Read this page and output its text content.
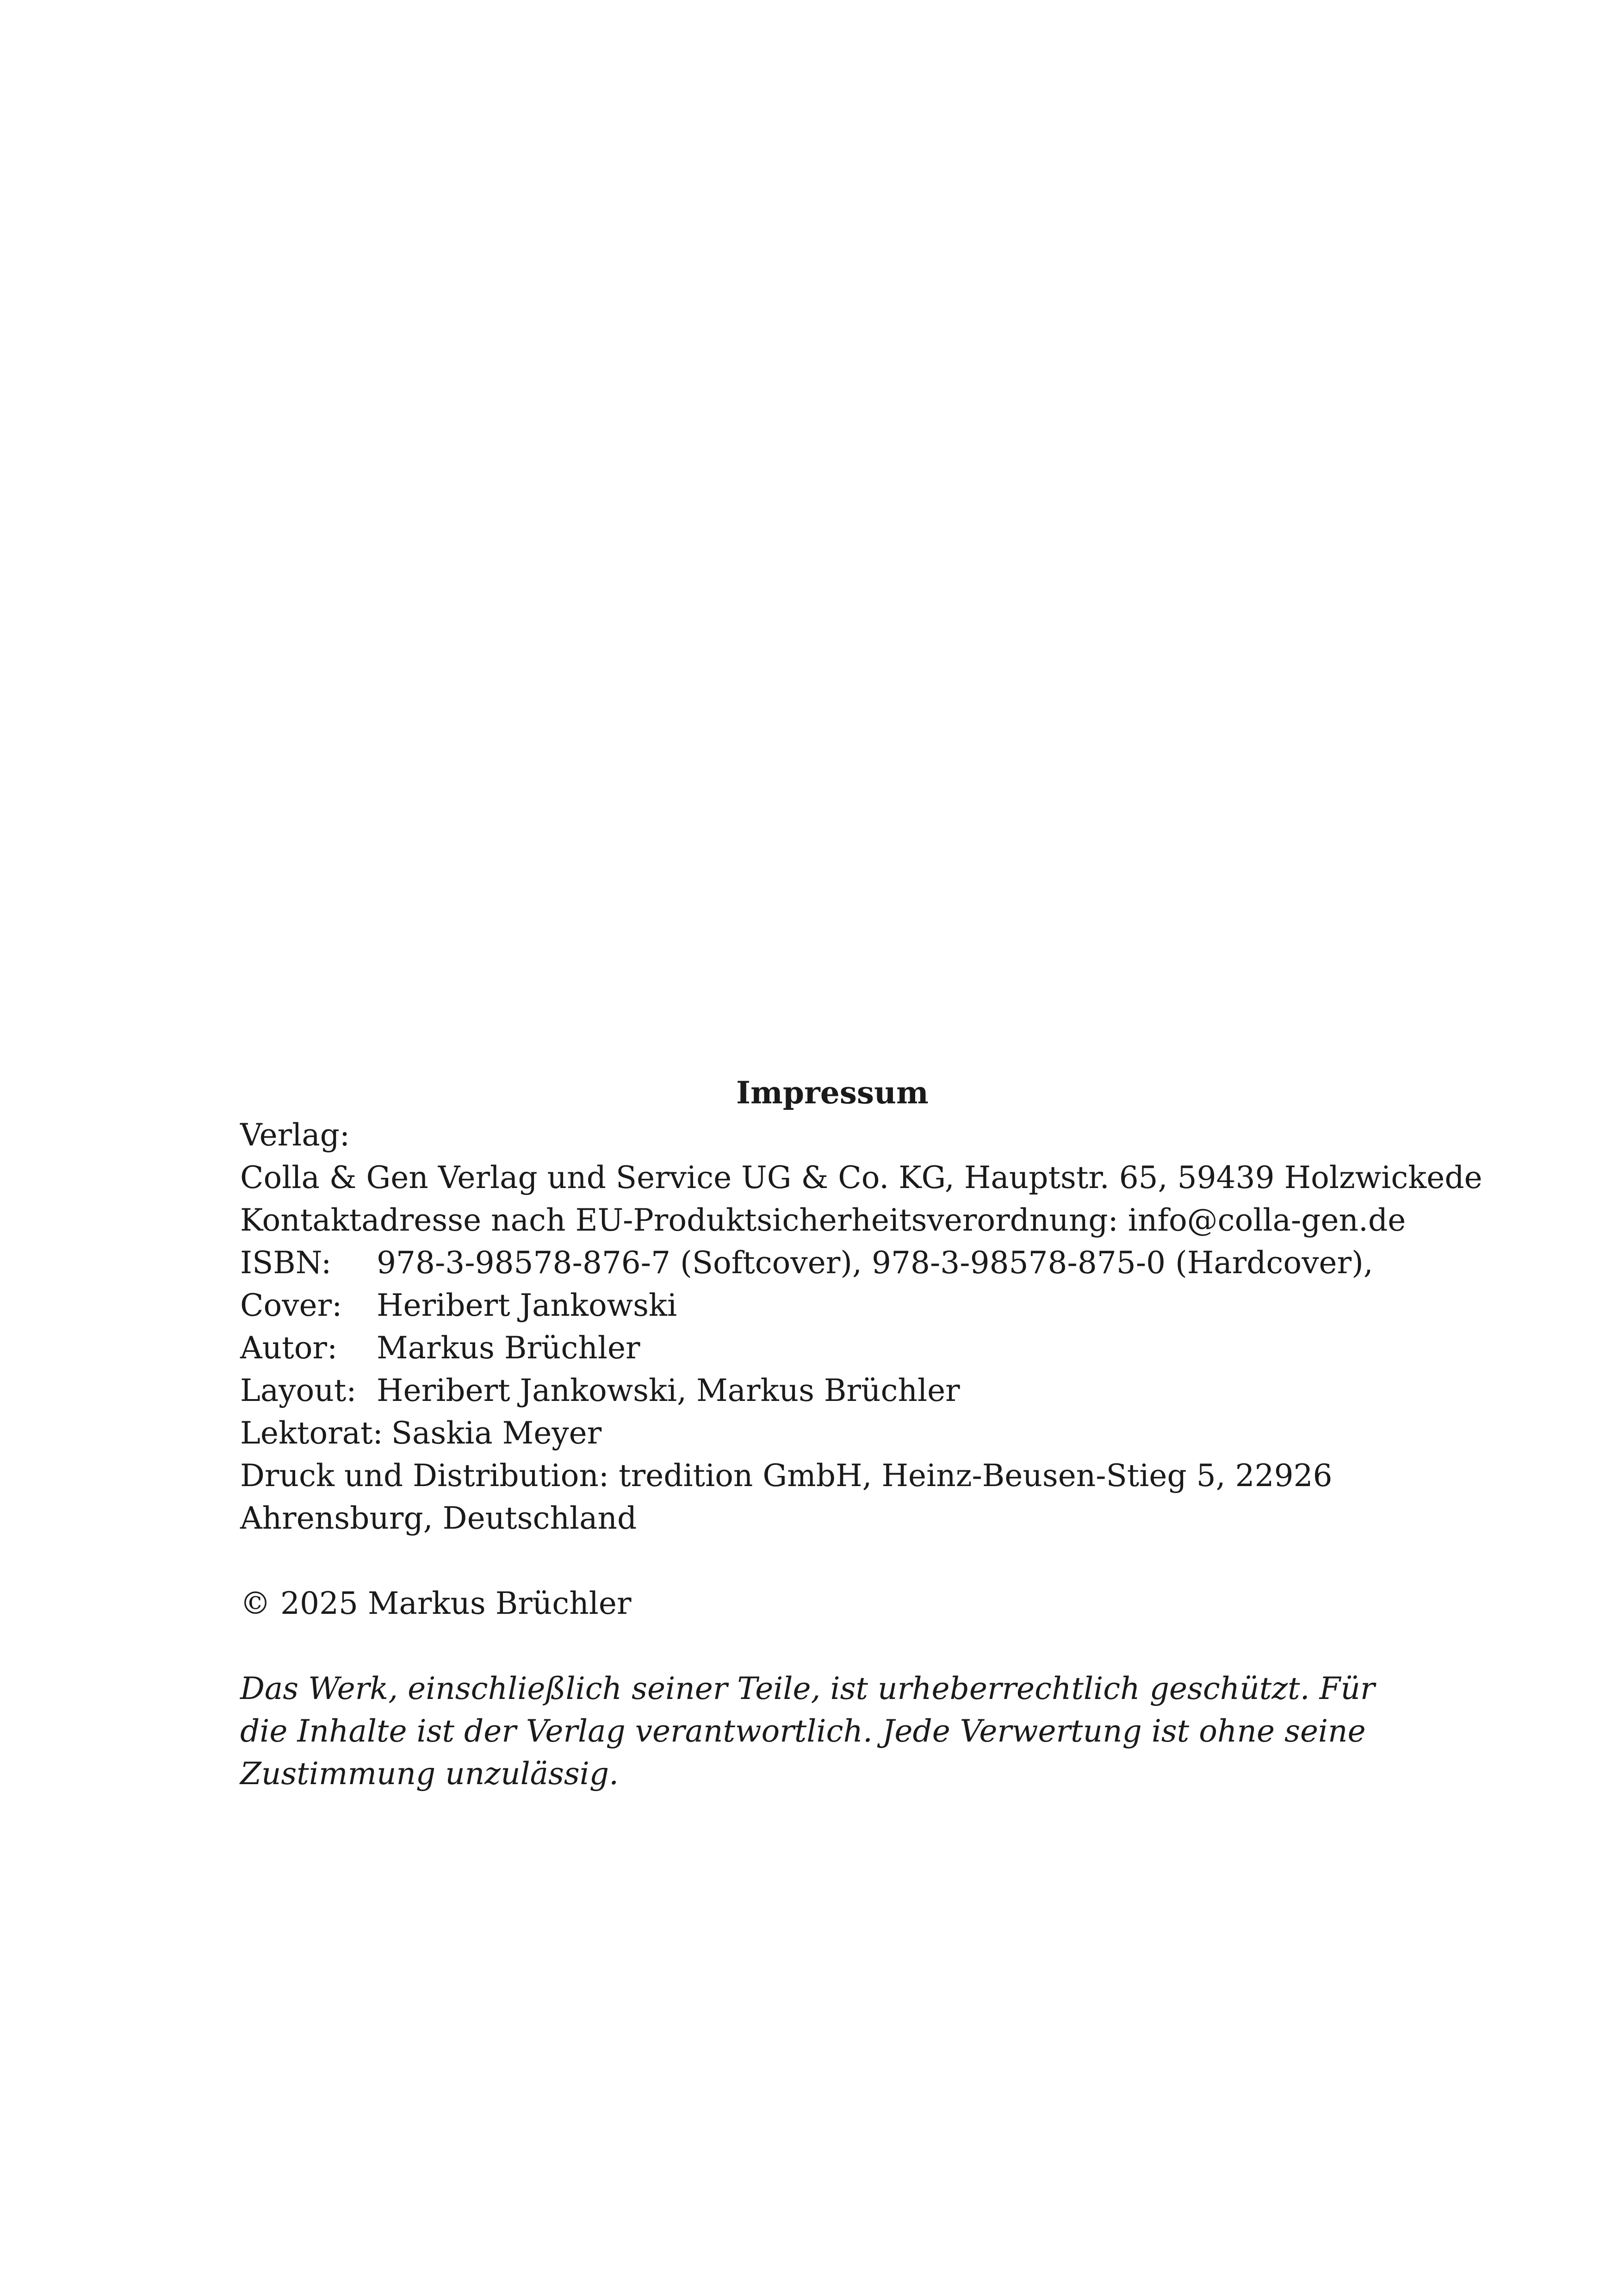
Impressum

Verlag:

Colla & Gen Verlag und Service UG & Co. KG, Hauptstr. 65, 59439 Holzwickede

Kontaktadresse nach EU-Produktsicherheitsverordnung: info@colla-gen.de

ISBN:	978-3-98578-876-7 (Softcover), 978-3-98578-875-0 (Hardcover),
Cover:	Heribert Jankowski
Autor:	Markus Brüchler
Layout: Heribert Jankowski, Markus Brüchler
Lektorat: Saskia Meyer

Druck und Distribution: tredition GmbH, Heinz-Beusen-Stieg 5, 22926 Ahrensburg, Deutschland

© 2025 Markus Brüchler

Das Werk, einschließlich seiner Teile, ist urheberrechtlich geschützt. Für die Inhalte ist der Verlag verantwortlich. Jede Verwertung ist ohne seine Zustimmung unzulässig.
